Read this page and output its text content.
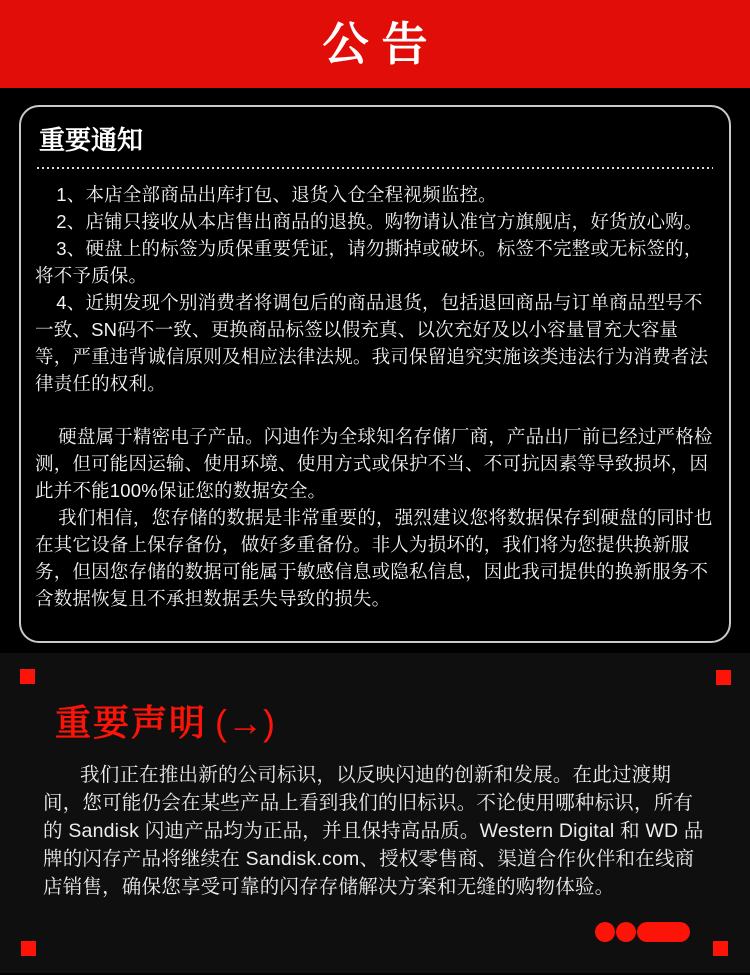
公告
重要通知

1、本店全部商品出库打包、退货入仓全程视频监控。

2、店铺只接收从本店售出商品的退换。购物请认准官方旗舰店，好货放心购。

3、硬盘上的标签为质保重要凭证，请勿撕掉或破坏。标签不完整或无标签的，将不予质保。

4、近期发现个别消费者将调包后的商品退货，包括退回商品与订单商品型号不一致、SN码不一致、更换商品标签以假充真、以次充好及以小容量冒充大容量等，严重违背诚信原则及相应法律法规。我司保留追究实施该类违法行为消费者法律责任的权利。

硬盘属于精密电子产品。闪迪作为全球知名存储厂商，产品出厂前已经过严格检测，但可能因运输、使用环境、使用方式或保护不当、不可抗因素等导致损坏，因此并不能100%保证您的数据安全。

我们相信，您存储的数据是非常重要的，强烈建议您将数据保存到硬盘的同时也在其它设备上保存备份，做好多重备份。非人为损坏的，我们将为您提供换新服务，但因您存储的数据可能属于敏感信息或隐私信息，因此我司提供的换新服务不含数据恢复且不承担数据丢失导致的损失。

重要声明 (→)

我们正在推出新的公司标识，以反映闪迪的创新和发展。在此过渡期间，您可能仍会在某些产品上看到我们的旧标识。不论使用哪种标识，所有的 Sandisk 闪迪产品均为正品，并且保持高品质。Western Digital 和 WD 品牌的闪存产品将继续在 Sandisk.com、授权零售商、渠道合作伙伴和在线商店销售，确保您享受可靠的闪存存储解决方案和无缝的购物体验。
